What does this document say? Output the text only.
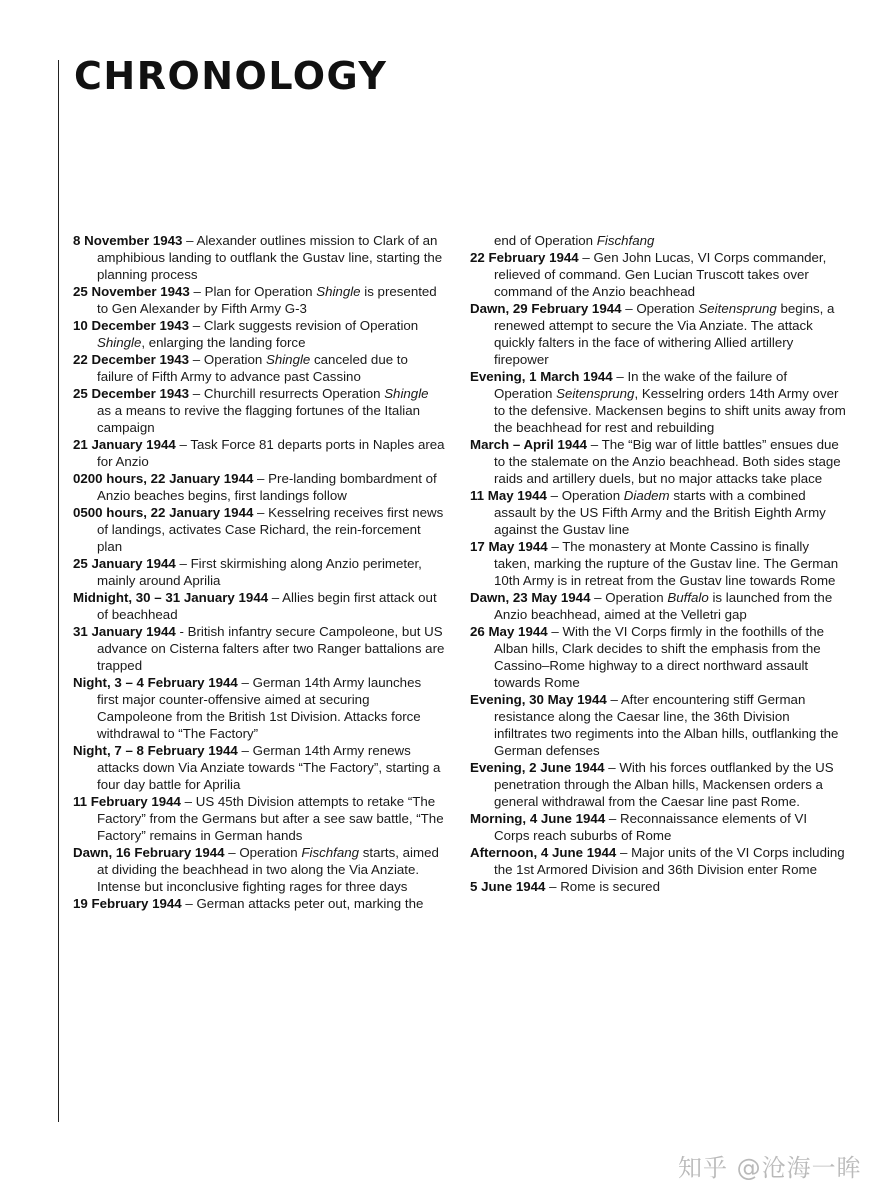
CHRONOLOGY

8 November 1943 – Alexander outlines mission to Clark of an amphibious landing to outflank the Gustav line, starting the planning process

25 November 1943 – Plan for Operation Shingle is presented to Gen Alexander by Fifth Army G-3

10 December 1943 – Clark suggests revision of Operation Shingle, enlarging the landing force

22 December 1943 – Operation Shingle canceled due to failure of Fifth Army to advance past Cassino

25 December 1943 – Churchill resurrects Operation Shingle as a means to revive the flagging fortunes of the Italian campaign

21 January 1944 – Task Force 81 departs ports in Naples area for Anzio

0200 hours, 22 January 1944 – Pre-landing bombardment of Anzio beaches begins, first landings follow

0500 hours, 22 January 1944 – Kesselring receives first news of landings, activates Case Richard, the rein-forcement plan

25 January 1944 – First skirmishing along Anzio perimeter, mainly around Aprilia

Midnight, 30 – 31 January 1944 – Allies begin first attack out of beachhead

31 January 1944 - British infantry secure Campoleone, but US advance on Cisterna falters after two Ranger battalions are trapped

Night, 3 – 4 February 1944 – German 14th Army launches first major counter-offensive aimed at securing Campoleone from the British 1st Division. Attacks force withdrawal to “The Factory”

Night, 7 – 8 February 1944 – German 14th Army renews attacks down Via Anziate towards “The Factory”, starting a four day battle for Aprilia

11 February 1944 – US 45th Division attempts to retake “The Factory” from the Germans but after a see saw battle, “The Factory” remains in German hands

Dawn, 16 February 1944 – Operation Fischfang starts, aimed at dividing the beachhead in two along the Via Anziate. Intense but inconclusive fighting rages for three days

19 February 1944 – German attacks peter out, marking the

end of Operation Fischfang

22 February 1944 – Gen John Lucas, VI Corps commander, relieved of command. Gen Lucian Truscott takes over command of the Anzio beachhead

Dawn, 29 February 1944 – Operation Seitensprung begins, a renewed attempt to secure the Via Anziate. The attack quickly falters in the face of withering Allied artillery firepower

Evening, 1 March 1944 – In the wake of the failure of Operation Seitensprung, Kesselring orders 14th Army over to the defensive. Mackensen begins to shift units away from the beachhead for rest and rebuilding

March – April 1944 – The “Big war of little battles” ensues due to the stalemate on the Anzio beachhead. Both sides stage raids and artillery duels, but no major attacks take place

11 May 1944 – Operation Diadem starts with a combined assault by the US Fifth Army and the British Eighth Army against the Gustav line

17 May 1944 – The monastery at Monte Cassino is finally taken, marking the rupture of the Gustav line. The German 10th Army is in retreat from the Gustav line towards Rome

Dawn, 23 May 1944 – Operation Buffalo is launched from the Anzio beachhead, aimed at the Velletri gap

26 May 1944 – With the VI Corps firmly in the foothills of the Alban hills, Clark decides to shift the emphasis from the Cassino–Rome highway to a direct northward assault towards Rome

Evening, 30 May 1944 – After encountering stiff German resistance along the Caesar line, the 36th Division infiltrates two regiments into the Alban hills, outflanking the German defenses

Evening, 2 June 1944 – With his forces outflanked by the US penetration through the Alban hills, Mackensen orders a general withdrawal from the Caesar line past Rome.

Morning, 4 June 1944 – Reconnaissance elements of VI Corps reach suburbs of Rome

Afternoon, 4 June 1944 – Major units of the VI Corps including the 1st Armored Division and 36th Division enter Rome

5 June 1944 – Rome is secured

知乎 @沧海一眸
